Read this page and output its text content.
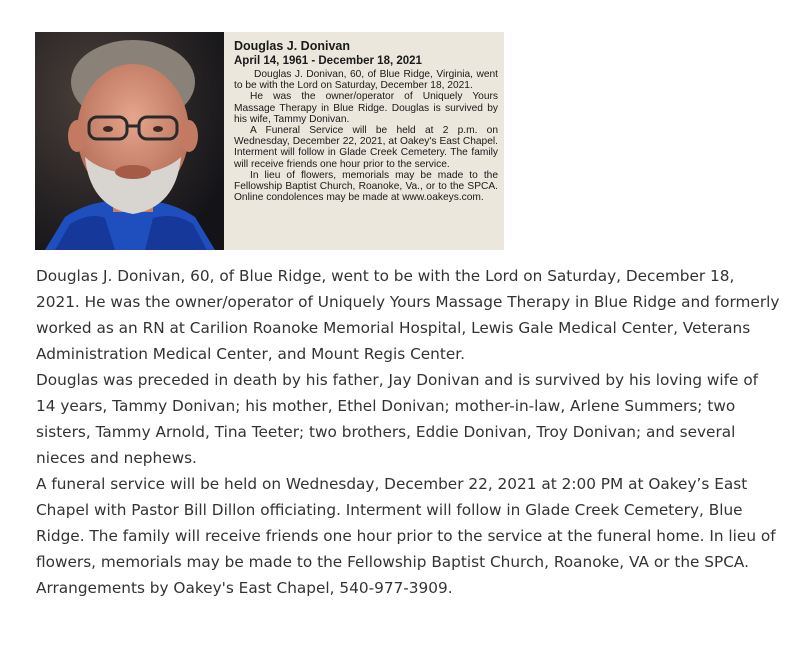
Douglas J. Donivan
April 14, 1961 - December 18, 2021

Douglas J. Donivan, 60, of Blue Ridge, Virginia, went to be with the Lord on Saturday, December 18, 2021.

He was the owner/operator of Uniquely Yours Massage Therapy in Blue Ridge. Douglas is survived by his wife, Tammy Donivan.

A Funeral Service will be held at 2 p.m. on Wednesday, December 22, 2021, at Oakey's East Chapel. Interment will follow in Glade Creek Cemetery. The family will receive friends one hour prior to the service.

In lieu of flowers, memorials may be made to the Fellowship Baptist Church, Roanoke, Va., or to the SPCA. Online condolences may be made at www.oakeys.com.

Douglas J. Donivan, 60, of Blue Ridge, went to be with the Lord on Saturday, December 18, 2021. He was the owner/operator of Uniquely Yours Massage Therapy in Blue Ridge and formerly worked as an RN at Carilion Roanoke Memorial Hospital, Lewis Gale Medical Center, Veterans Administration Medical Center, and Mount Regis Center.

Douglas was preceded in death by his father, Jay Donivan and is survived by his loving wife of 14 years, Tammy Donivan; his mother, Ethel Donivan; mother-in-law, Arlene Summers; two sisters, Tammy Arnold, Tina Teeter; two brothers, Eddie Donivan, Troy Donivan; and several nieces and nephews.

A funeral service will be held on Wednesday, December 22, 2021 at 2:00 PM at Oakey’s East Chapel with Pastor Bill Dillon officiating. Interment will follow in Glade Creek Cemetery, Blue Ridge. The family will receive friends one hour prior to the service at the funeral home. In lieu of flowers, memorials may be made to the Fellowship Baptist Church, Roanoke, VA or the SPCA.

Arrangements by Oakey's East Chapel, 540-977-3909.
